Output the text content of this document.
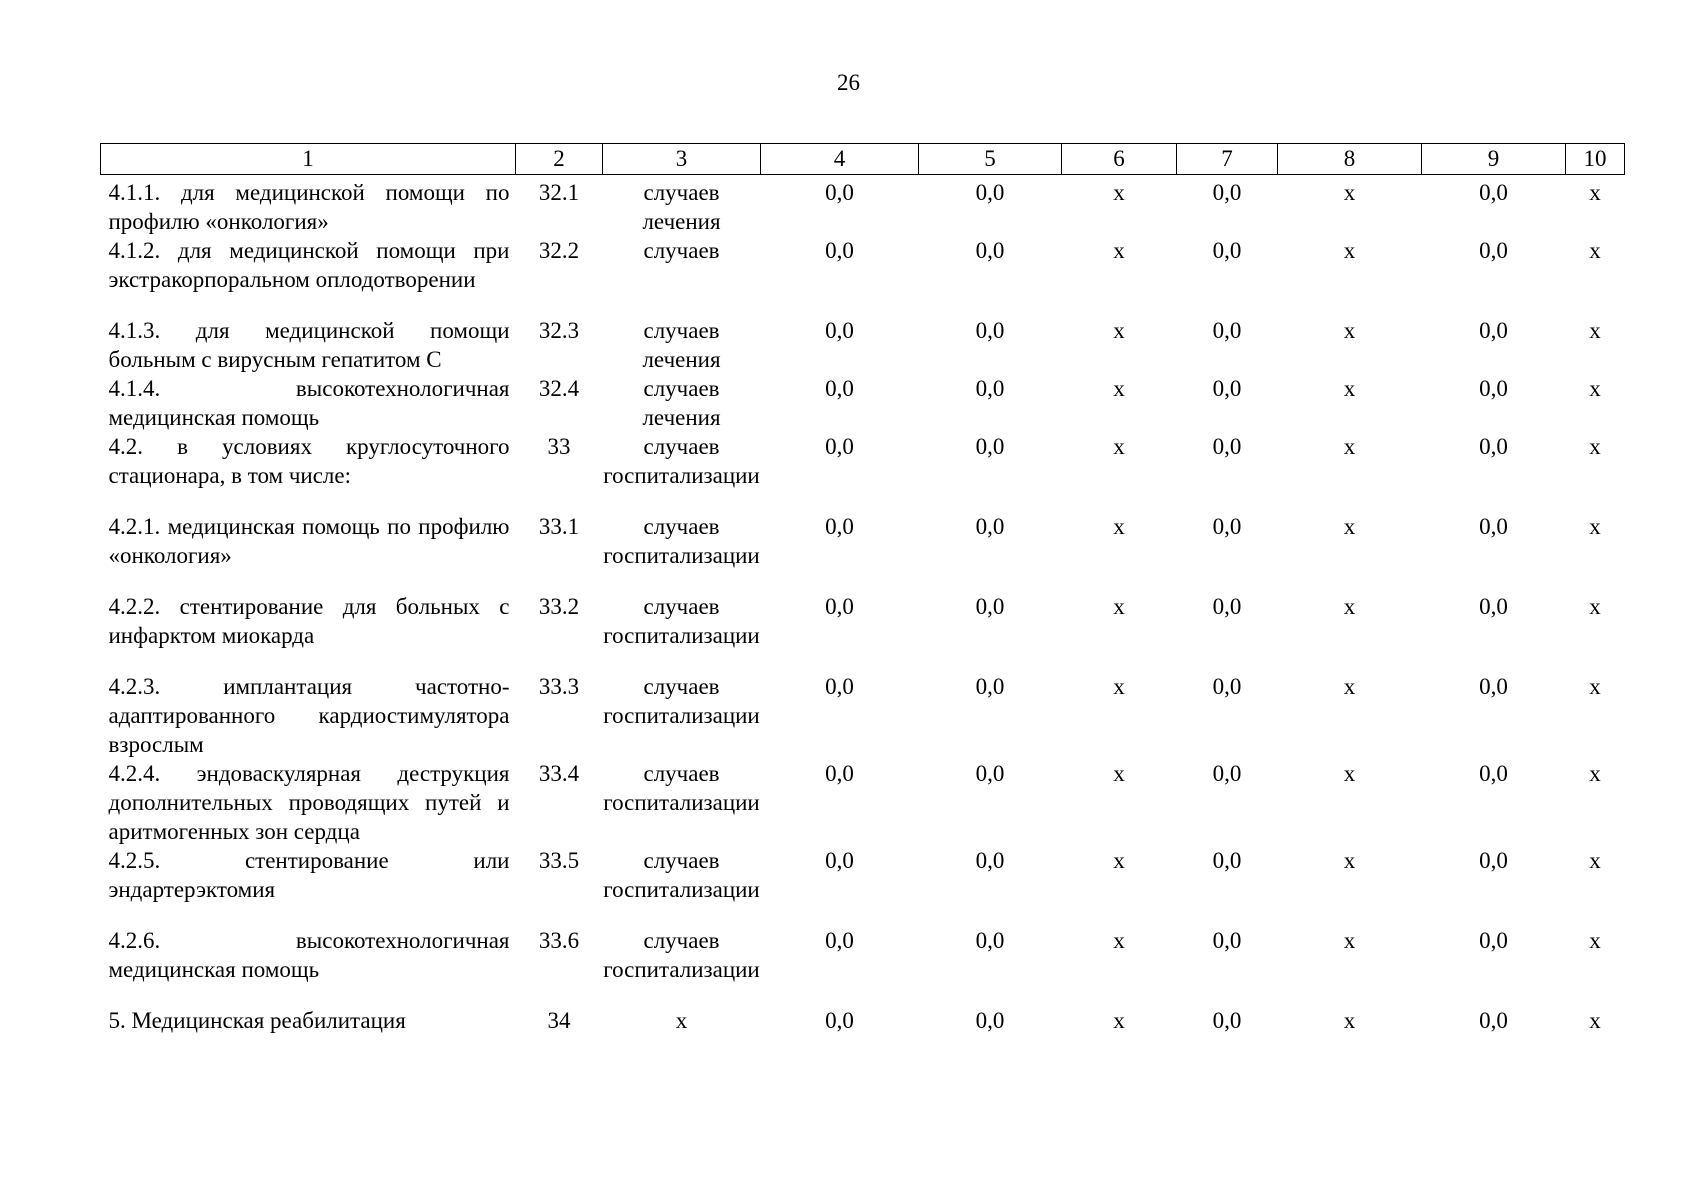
26
1	2	3	4	5	6	7	8	9	10
4.1.1. для медицинской помощи по профилю «онкология»	32.1	случаев лечения	0,0	0,0	х	0,0	х	0,0	х
4.1.2. для медицинской помощи при экстракорпоральном оплодотворении	32.2	случаев	0,0	0,0	х	0,0	х	0,0	х
4.1.3. для медицинской помощи больным с вирусным гепатитом С	32.3	случаев лечения	0,0	0,0	х	0,0	х	0,0	х
4.1.4. высокотехнологичная медицинская помощь	32.4	случаев лечения	0,0	0,0	х	0,0	х	0,0	х
4.2. в условиях круглосуточного стационара, в том числе:	33	случаев госпитализации	0,0	0,0	х	0,0	х	0,0	х
4.2.1. медицинская помощь по профилю «онкология»	33.1	случаев госпитализации	0,0	0,0	х	0,0	х	0,0	х
4.2.2. стентирование для больных с инфарктом миокарда	33.2	случаев госпитализации	0,0	0,0	х	0,0	х	0,0	х
4.2.3. имплантация частотно-адаптированного кардиостимулятора взрослым	33.3	случаев госпитализации	0,0	0,0	х	0,0	х	0,0	х
4.2.4. эндоваскулярная деструкция дополнительных проводящих путей и аритмогенных зон сердца	33.4	случаев госпитализации	0,0	0,0	х	0,0	х	0,0	х
4.2.5. стентирование или эндартерэктомия	33.5	случаев госпитализации	0,0	0,0	х	0,0	х	0,0	х
4.2.6. высокотехнологичная медицинская помощь	33.6	случаев госпитализации	0,0	0,0	х	0,0	х	0,0	х
5. Медицинская реабилитация	34	х	0,0	0,0	х	0,0	х	0,0	х
